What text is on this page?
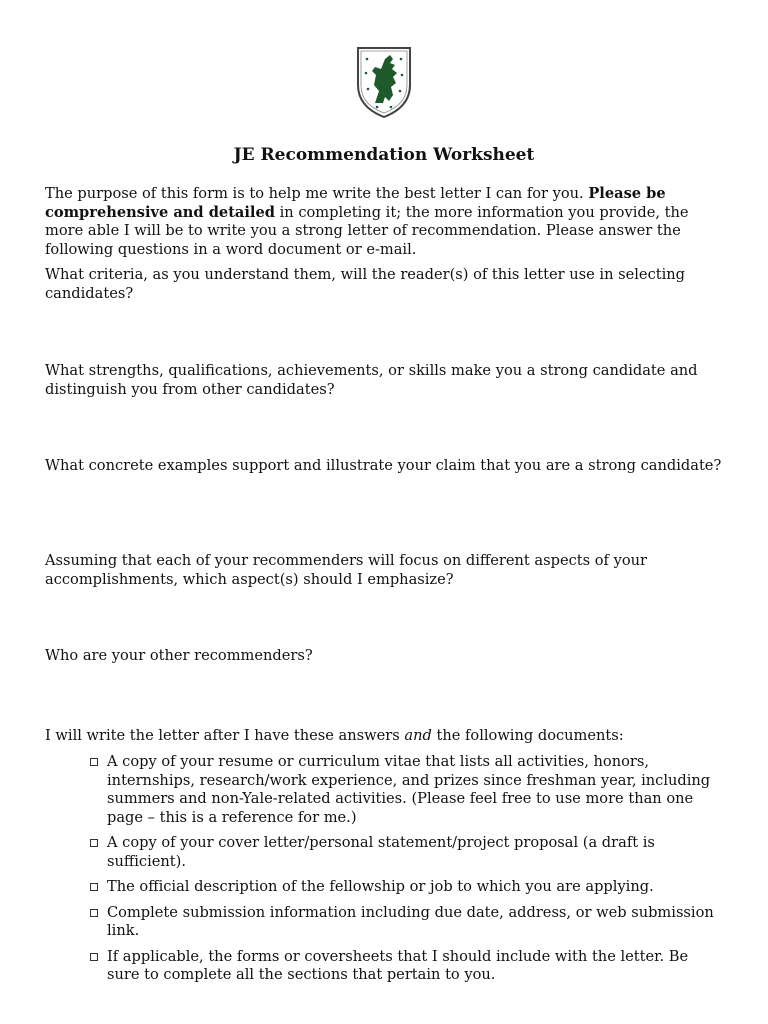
JE Recommendation Worksheet

The purpose of this form is to help me write the best letter I can for you. Please be comprehensive and detailed in completing it; the more information you provide, the more able I will be to write you a strong letter of recommendation. Please answer the following questions in a word document or e-mail.

What criteria, as you understand them, will the reader(s) of this letter use in selecting candidates?

What strengths, qualifications, achievements, or skills make you a strong candidate and distinguish you from other candidates?

What concrete examples support and illustrate your claim that you are a strong candidate?

Assuming that each of your recommenders will focus on different aspects of your accomplishments, which aspect(s) should I emphasize?

Who are your other recommenders?

I will write the letter after I have these answers and the following documents:

A copy of your resume or curriculum vitae that lists all activities, honors, internships, research/work experience, and prizes since freshman year, including summers and non-Yale-related activities. (Please feel free to use more than one page – this is a reference for me.)
A copy of your cover letter/personal statement/project proposal (a draft is sufficient).
The official description of the fellowship or job to which you are applying.
Complete submission information including due date, address, or web submission link.
If applicable, the forms or coversheets that I should include with the letter. Be sure to complete all the sections that pertain to you.
